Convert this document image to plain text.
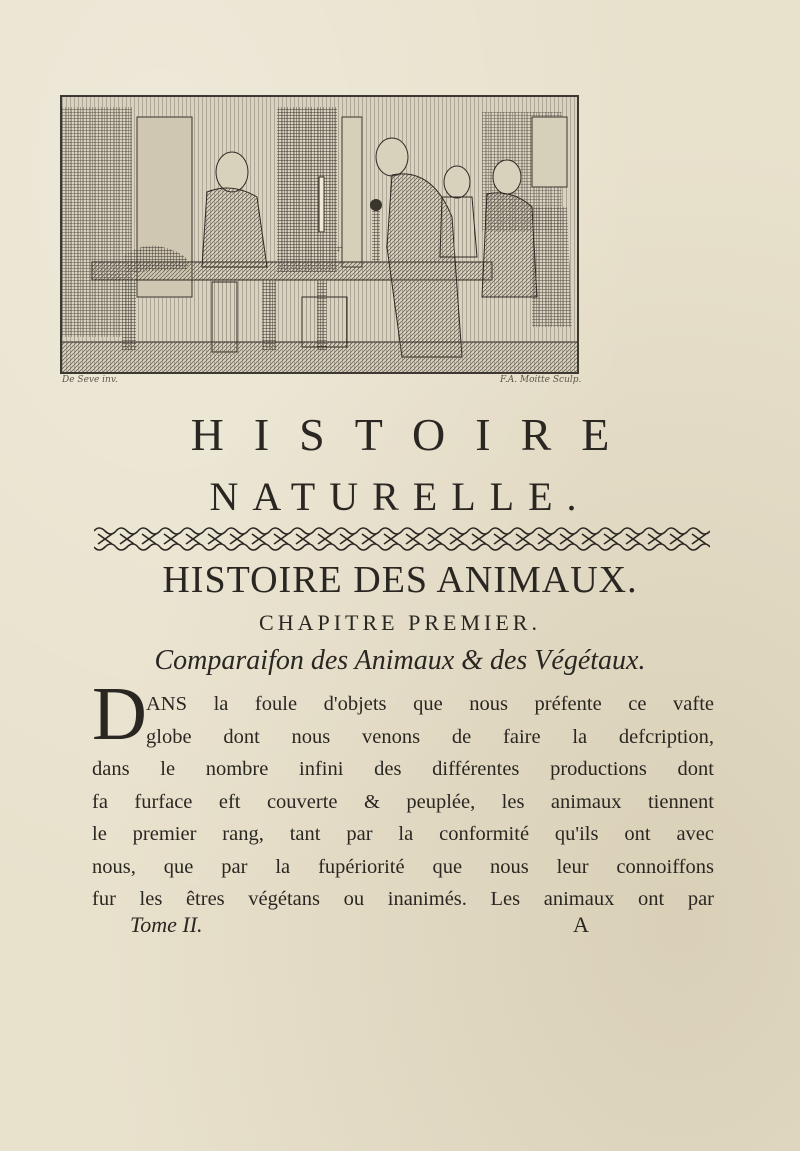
De Seve inv.	F.A. Moitte Sculp.
HISTOIRE
NATURELLE.
HISTOIRE DES ANIMAUX.
CHAPITRE PREMIER.
Comparaifon des Animaux & des Végétaux.
D ANS la foule d'objets que nous préfente ce vafte
globe dont nous venons de faire la defcription,
dans le nombre infini des différentes productions dont
fa furface eft couverte & peuplée, les animaux tiennent
le premier rang, tant par la conformité qu'ils ont avec
nous, que par la fupériorité que nous leur connoiffons
fur les êtres végétans ou inanimés. Les animaux ont par
Tome II.	A
